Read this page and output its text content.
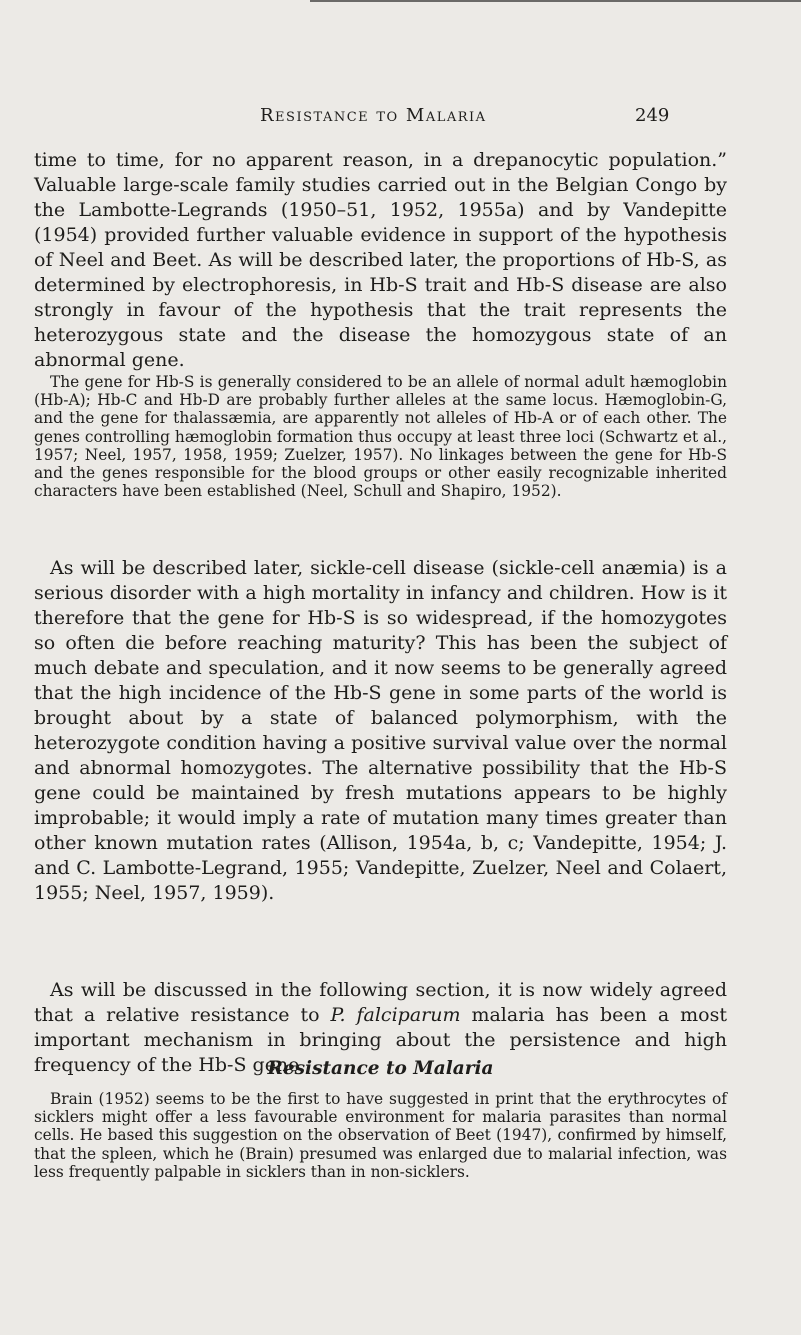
Resistance to Malaria	249

time to time, for no apparent reason, in a drepanocytic population.” Valuable large-scale family studies carried out in the Belgian Congo by the Lambotte-Legrands (1950–51, 1952, 1955a) and by Vandepitte (1954) provided further valuable evidence in support of the hypothesis of Neel and Beet. As will be described later, the proportions of Hb-S, as determined by electrophoresis, in Hb-S trait and Hb-S disease are also strongly in favour of the hypothesis that the trait represents the heterozygous state and the disease the homozygous state of an abnormal gene.

The gene for Hb-S is generally considered to be an allele of normal adult hæmoglobin (Hb-A); Hb-C and Hb-D are probably further alleles at the same locus. Hæmoglobin-G, and the gene for thalassæmia, are apparently not alleles of Hb-A or of each other. The genes controlling hæmoglobin formation thus occupy at least three loci (Schwartz et al., 1957; Neel, 1957, 1958, 1959; Zuelzer, 1957). No linkages between the gene for Hb-S and the genes responsible for the blood groups or other easily recognizable inherited characters have been established (Neel, Schull and Shapiro, 1952).

As will be described later, sickle-cell disease (sickle-cell anæmia) is a serious disorder with a high mortality in infancy and children. How is it therefore that the gene for Hb-S is so widespread, if the homozygotes so often die before reaching maturity? This has been the subject of much debate and speculation, and it now seems to be generally agreed that the high incidence of the Hb-S gene in some parts of the world is brought about by a state of balanced polymorphism, with the heterozygote condition having a positive survival value over the normal and abnormal homozygotes. The alternative possibility that the Hb-S gene could be maintained by fresh mutations appears to be highly improbable; it would imply a rate of mutation many times greater than other known mutation rates (Allison, 1954a, b, c; Vandepitte, 1954; J. and C. Lambotte-Legrand, 1955; Vandepitte, Zuelzer, Neel and Colaert, 1955; Neel, 1957, 1959).

As will be discussed in the following section, it is now widely agreed that a relative resistance to P. falciparum malaria has been a most important mechanism in bringing about the persistence and high frequency of the Hb-S gene.

Resistance to Malaria

Brain (1952) seems to be the first to have suggested in print that the erythrocytes of sicklers might offer a less favourable environment for malaria parasites than normal cells. He based this suggestion on the observation of Beet (1947), confirmed by himself, that the spleen, which he (Brain) presumed was enlarged due to malarial infection, was less frequently palpable in sicklers than in non-sicklers.
